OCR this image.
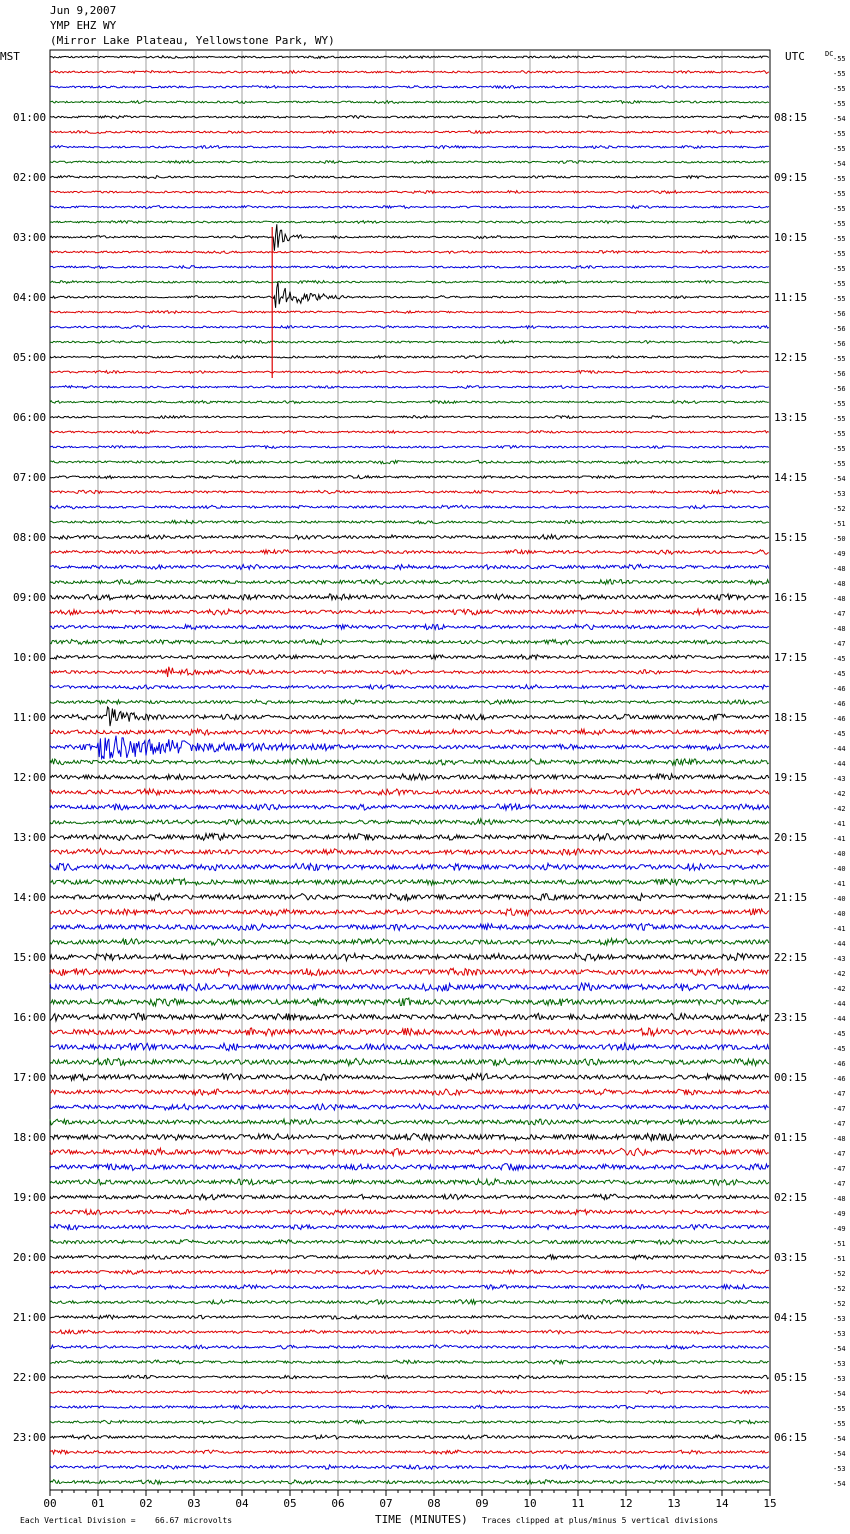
Jun 9,2007
YMP EHZ WY
(Mirror Lake Plateau, Yellowstone Park, WY)
-55
-55
-55
-55
-54
-55
-55
-54
-55
-55
-55
-55
-55
-55
-55
-55
-55
-56
-56
-56
-55
-56
-56
-55
-55
-55
-55
-55
-54
-53
-52
-51
-50
-49
-48
-48
-48
-47
-48
-47
-45
-45
-46
-46
-46
-45
-44
-44
-43
-42
-42
-41
-41
-40
-40
-41
-40
-40
-41
-44
-43
-42
-42
-44
-44
-45
-45
-46
-46
-47
-47
-47
-48
-47
-47
-47
-48
-49
-49
-51
-51
-52
-52
-52
-53
-53
-54
-53
-53
-54
-55
-55
-54
-54
-53
-54
MST	UTC	DC
01:00
02:00
03:00
04:00
05:00
06:00
07:00
08:00
09:00
10:00
11:00
12:00
13:00
14:00
15:00
16:00
17:00
18:00
19:00
20:00
21:00
22:00
23:00
08:15
09:15
10:15
11:15
12:15
13:15
14:15
15:15
16:15
17:15
18:15
19:15
20:15
21:15
22:15
23:15
00:15
01:15
02:15
03:15
04:15
05:15
06:15
00	01	02	03	04	05	06	07	08	09	10	11	12	13	14	15
Each Vertical Division = 66.67 microvolts	TIME (MINUTES) Traces clipped at plus/minus 5 vertical divisions
